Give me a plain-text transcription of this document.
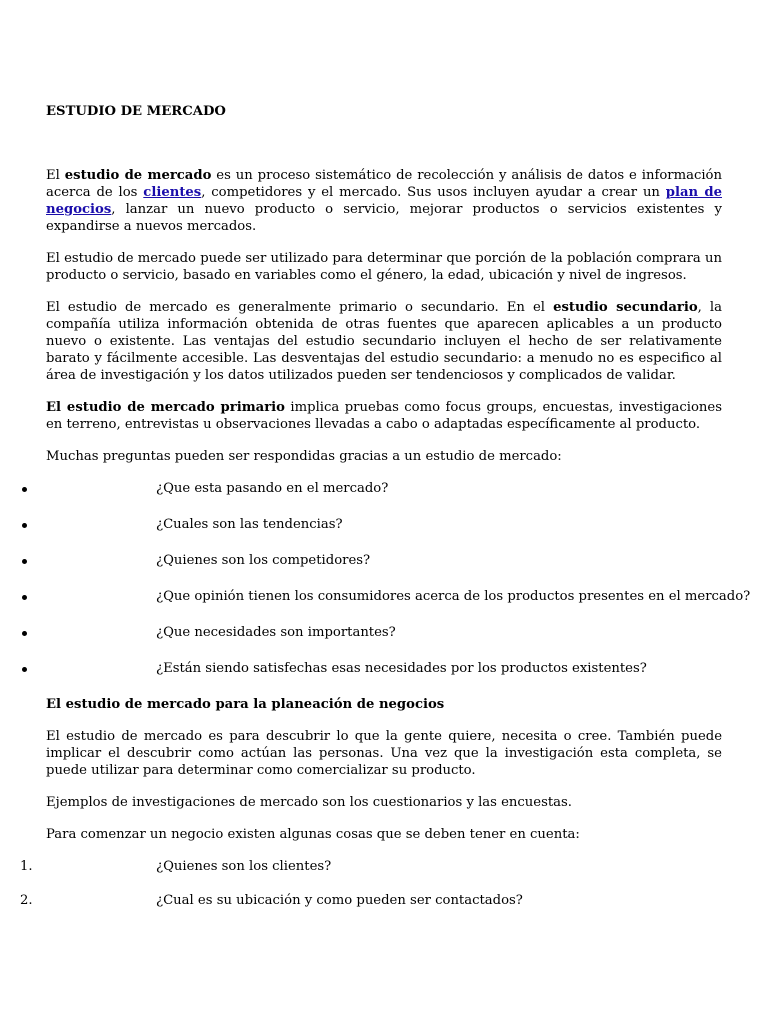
ESTUDIO DE MERCADO

El estudio de mercado es un proceso sistemático de recolección y análisis de datos e información acerca de los clientes, competidores y el mercado. Sus usos incluyen ayudar a crear un plan de negocios, lanzar un nuevo producto o servicio, mejorar productos o servicios existentes y expandirse a nuevos mercados.

El estudio de mercado puede ser utilizado para determinar que porción de la población comprara un producto o servicio, basado en variables como el género, la edad, ubicación y nivel de ingresos.

El estudio de mercado es generalmente primario o secundario. En el estudio secundario, la compañía utiliza información obtenida de otras fuentes que aparecen aplicables a un producto nuevo o existente. Las ventajas del estudio secundario incluyen el hecho de ser relativamente barato y fácilmente accesible. Las desventajas del estudio secundario: a menudo no es especifico al área de investigación y los datos utilizados pueden ser tendenciosos y complicados de validar.

El estudio de mercado primario implica pruebas como focus groups, encuestas, investigaciones en terreno, entrevistas u observaciones llevadas a cabo o adaptadas específicamente al producto.

Muchas preguntas pueden ser respondidas gracias a un estudio de mercado:

¿Que esta pasando en el mercado?
¿Cuales son las tendencias?
¿Quienes son los competidores?
¿Que opinión tienen los consumidores acerca de los productos presentes en el mercado?
¿Que necesidades son importantes?
¿Están siendo satisfechas esas necesidades por los productos existentes?
El estudio de mercado para la planeación de negocios

El estudio de mercado es para descubrir lo que la gente quiere, necesita o cree. También puede implicar el descubrir como actúan las personas. Una vez que la investigación esta completa, se puede utilizar para determinar como comercializar su producto.

Ejemplos de investigaciones de mercado son los cuestionarios y las encuestas.

Para comenzar un negocio existen algunas cosas que se deben tener en cuenta:

1.	¿Quienes son los clientes?
2.	¿Cual es su ubicación y como pueden ser contactados?
